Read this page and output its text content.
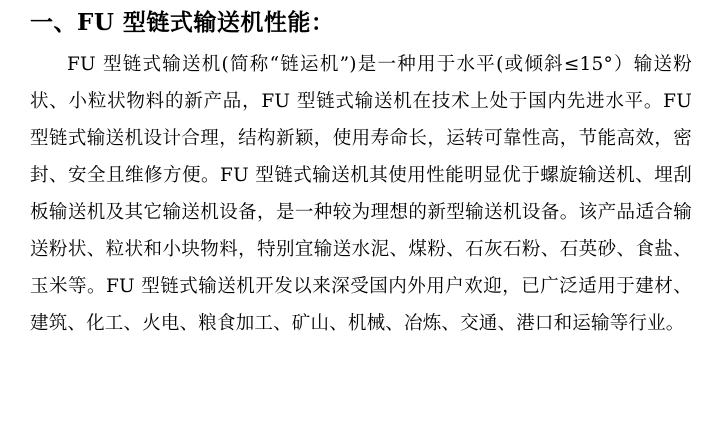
一、FU 型链式输送机性能：

FU 型链式输送机(简称“链运机”)是一种用于水平(或倾斜≤15°）输送粉状、小粒状物料的新产品，FU 型链式输送机在技术上处于国内先进水平。FU 型链式输送机设计合理，结构新颖，使用寿命长，运转可靠性高，节能高效，密封、安全且维修方便。FU 型链式输送机其使用性能明显优于螺旋输送机、埋刮板输送机及其它输送机设备，是一种较为理想的新型输送机设备。该产品适合输送粉状、粒状和小块物料，特别宜输送水泥、煤粉、石灰石粉、石英砂、食盐、玉米等。FU 型链式输送机开发以来深受国内外用户欢迎，已广泛适用于建材、建筑、化工、火电、粮食加工、矿山、机械、冶炼、交通、港口和运输等行业。
